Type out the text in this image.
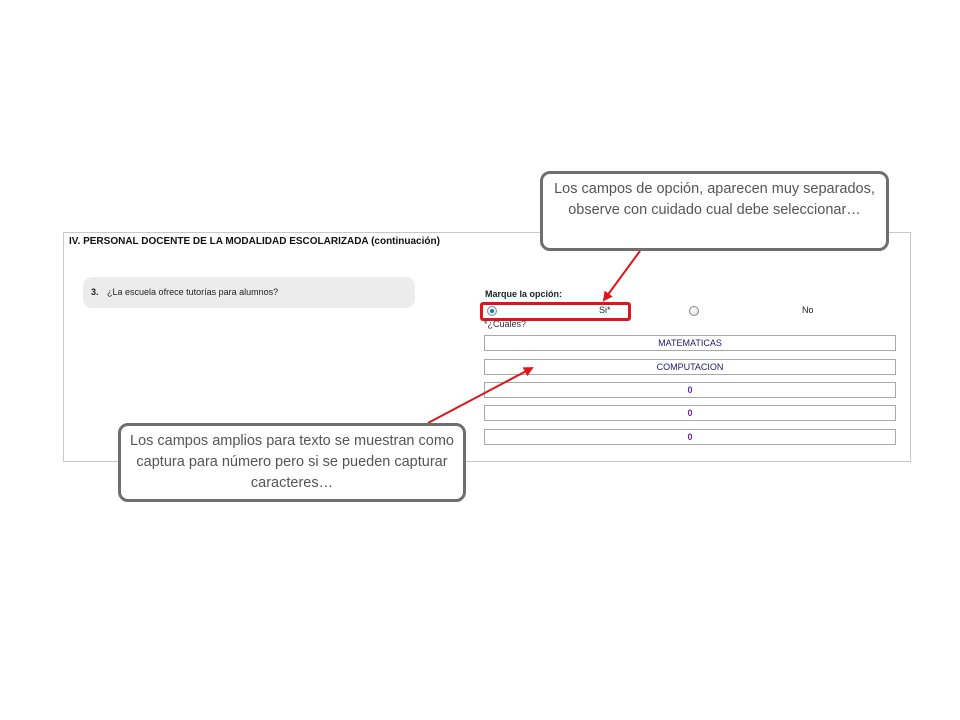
IV. PERSONAL DOCENTE DE LA MODALIDAD ESCOLARIZADA (continuación)
3. ¿La escuela ofrece tutorías para alumnos?	Marque la opción:
Si*	No
*¿Cuales?
MATEMATICAS
COMPUTACION
0
0
0
Los campos de opción, aparecen muy separados, observe con cuidado cual debe seleccionar…
Los campos amplios para texto se muestran como captura para número pero si se pueden capturar caracteres…
